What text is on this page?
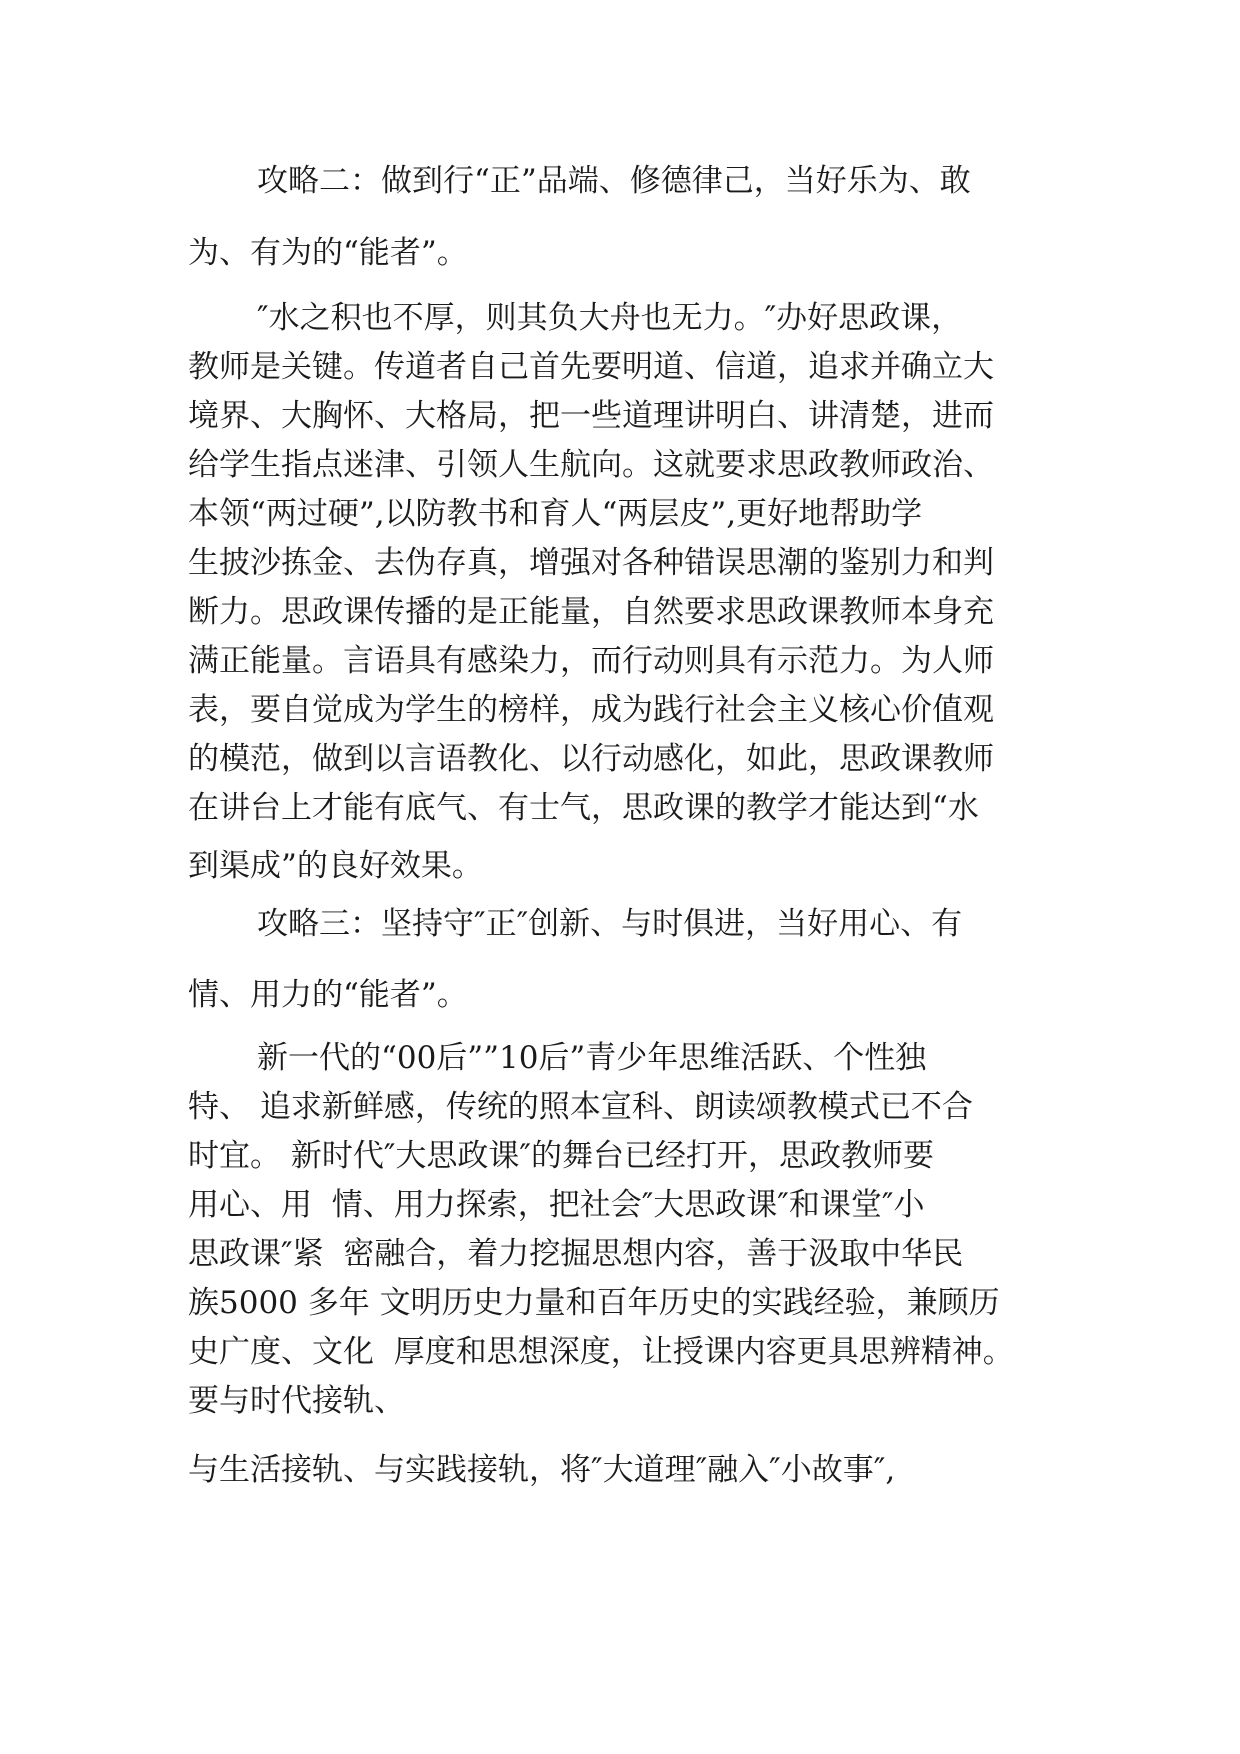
攻略二：做到行“正”品端、修德律己，当好乐为、敢
为、有为的“能者”。
″水之积也不厚，则其负大舟也无力。″办好思政课，
教师是关键。传道者自己首先要明道、信道，追求并确立大
境界、大胸怀、大格局，把一些道理讲明白、讲清楚，进而
给学生指点迷津、引领人生航向。这就要求思政教师政治、
本领“两过硬”,以防教书和育人“两层皮”,更好地帮助学
生披沙拣金、去伪存真，增强对各种错误思潮的鉴别力和判
断力。思政课传播的是正能量，自然要求思政课教师本身充
满正能量。言语具有感染力，而行动则具有示范力。为人师
表，要自觉成为学生的榜样，成为践行社会主义核心价值观
的模范，做到以言语教化、以行动感化，如此，思政课教师
在讲台上才能有底气、有士气，思政课的教学才能达到“水
到渠成”的良好效果。
攻略三：坚持守″正″创新、与时俱进，当好用心、有
情、用力的“能者”。
新一代的“00后””10后”青少年思维活跃、个性独
特、 追求新鲜感，传统的照本宣科、朗读颂教模式已不合
时宜。 新时代″大思政课″的舞台已经打开，思政教师要
用心、用  情、用力探索，把社会″大思政课″和课堂″小
思政课″紧  密融合，着力挖掘思想内容，善于汲取中华民
族5000 多年 文明历史力量和百年历史的实践经验，兼顾历
史广度、文化  厚度和思想深度，让授课内容更具思辨精神。
要与时代接轨、
与生活接轨、与实践接轨，将″大道理″融入″小故事″,
